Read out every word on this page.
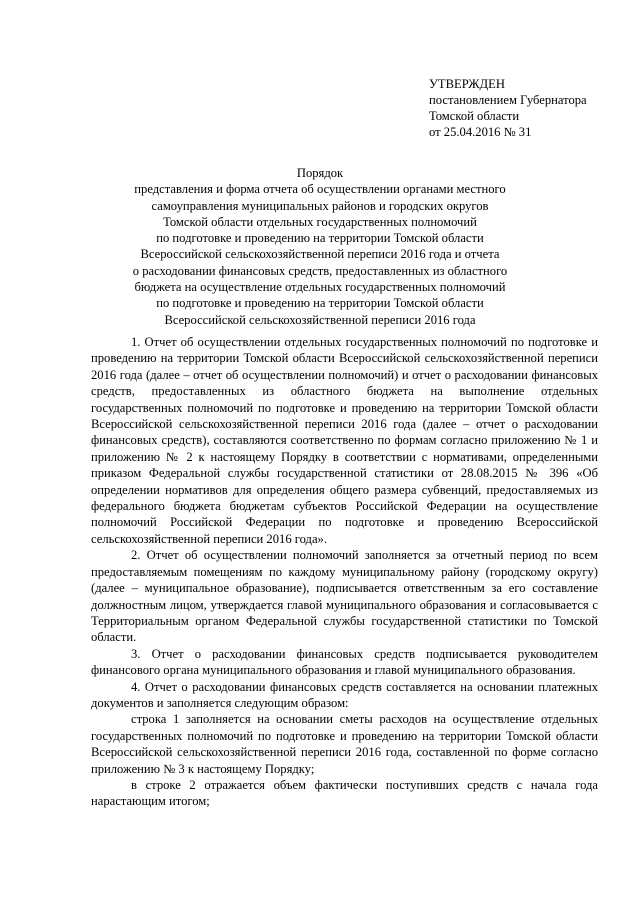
УТВЕРЖДЕН
постановлением Губернатора
Томской области
от 25.04.2016 № 31
Порядок
представления и форма отчета об осуществлении органами местного
самоуправления муниципальных районов и городских округов
Томской области отдельных государственных полномочий
по подготовке и проведению на территории Томской области
Всероссийской сельскохозяйственной переписи 2016 года и отчета
о расходовании финансовых средств, предоставленных из областного
бюджета на осуществление отдельных государственных полномочий
по подготовке и проведению на территории Томской области
Всероссийской сельскохозяйственной переписи 2016 года

1. Отчет об осуществлении отдельных государственных полномочий по подготовке и проведению на территории Томской области Всероссийской сельскохозяйственной переписи 2016 года (далее – отчет об осуществлении полномочий) и отчет о расходовании финансовых средств, предоставленных из областного бюджета на выполнение отдельных государственных полномочий по подготовке и проведению на территории Томской области Всероссийской сельскохозяйственной переписи 2016 года (далее – отчет о расходовании финансовых средств), составляются соответственно по формам согласно приложению № 1 и приложению № 2 к настоящему Порядку в соответствии с нормативами, определенными приказом Федеральной службы государственной статистики от 28.08.2015 № 396 «Об определении нормативов для определения общего размера субвенций, предоставляемых из федерального бюджета бюджетам субъектов Российской Федерации на осуществление полномочий Российской Федерации по подготовке и проведению Всероссийской сельскохозяйственной переписи 2016 года».

2. Отчет об осуществлении полномочий заполняется за отчетный период по всем предоставляемым помещениям по каждому муниципальному району (городскому округу) (далее – муниципальное образование), подписывается ответственным за его составление должностным лицом, утверждается главой муниципального образования и согласовывается с Территориальным органом Федеральной службы государственной статистики по Томской области.

3. Отчет о расходовании финансовых средств подписывается руководителем финансового органа муниципального образования и главой муниципального образования.

4. Отчет о расходовании финансовых средств составляется на основании платежных документов и заполняется следующим образом:

строка 1 заполняется на основании сметы расходов на осуществление отдельных государственных полномочий по подготовке и проведению на территории Томской области Всероссийской сельскохозяйственной переписи 2016 года, составленной по форме согласно приложению № 3 к настоящему Порядку;

в строке 2 отражается объем фактически поступивших средств с начала года нарастающим итогом;
